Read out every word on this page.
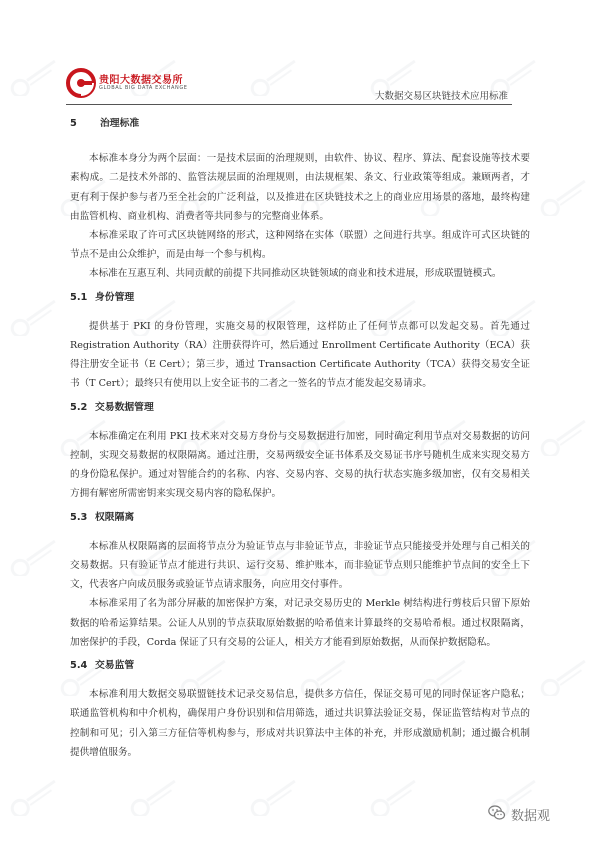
贵阳大数据交易所
GLOBAL BIG DATA EXCHANGE
大数据交易区块链技术应用标准

5 治理标准

本标准本身分为两个层面：一是技术层面的治理规则，由软件、协议、程序、算法、配套设施等技术要素构成。二是技术外部的、监管法规层面的治理规则，由法规框架、条文、行业政策等组成。兼顾两者，才更有利于保护参与者乃至全社会的广泛利益，以及推进在区块链技术之上的商业应用场景的落地，最终构建由监管机构、商业机构、消费者等共同参与的完整商业体系。

本标准采取了许可式区块链网络的形式，这种网络在实体（联盟）之间进行共享。组成许可式区块链的节点不是由公众维护，而是由每一个参与机构。

本标准在互惠互利、共同贡献的前提下共同推动区块链领域的商业和技术进展，形成联盟链模式。

5.1 身份管理

提供基于 PKI 的身份管理，实施交易的权限管理，这样防止了任何节点都可以发起交易。首先通过 Registration Authority（RA）注册获得许可，然后通过 Enrollment Certificate Authority（ECA）获得注册安全证书（E Cert）；第三步，通过 Transaction Certificate Authority（TCA）获得交易安全证书（T Cert）；最终只有使用以上安全证书的二者之一签名的节点才能发起交易请求。

5.2 交易数据管理

本标准确定在利用 PKI 技术来对交易方身份与交易数据进行加密，同时确定利用节点对交易数据的访问控制，实现交易数据的权限隔离。通过注册，交易两级安全证书体系及交易证书序号随机生成来实现交易方的身份隐私保护。通过对智能合约的名称、内容、交易内容、交易的执行状态实施多级加密，仅有交易相关方拥有解密所需密钥来实现交易内容的隐私保护。

5.3 权限隔离

本标准从权限隔离的层面将节点分为验证节点与非验证节点，非验证节点只能接受并处理与自己相关的交易数据。只有验证节点才能进行共识、运行交易、维护账本，而非验证节点则只能维护节点间的安全上下文，代表客户向成员服务或验证节点请求服务，向应用交付事件。

本标准采用了名为部分屏蔽的加密保护方案，对记录交易历史的 Merkle 树结构进行剪枝后只留下原始数据的哈希运算结果。公证人从别的节点获取原始数据的哈希值来计算最终的交易哈希根。通过权限隔离，加密保护的手段，Corda 保证了只有交易的公证人，相关方才能看到原始数据，从而保护数据隐私。

5.4 交易监管

本标准利用大数据交易联盟链技术记录交易信息，提供多方信任，保证交易可见的同时保证客户隐私；联通监管机构和中介机构，确保用户身份识别和信用筛选，通过共识算法验证交易，保证监管结构对节点的控制和可见；引入第三方征信等机构参与，形成对共识算法中主体的补充，并形成激励机制；通过撮合机制提供增值服务。

数据观
